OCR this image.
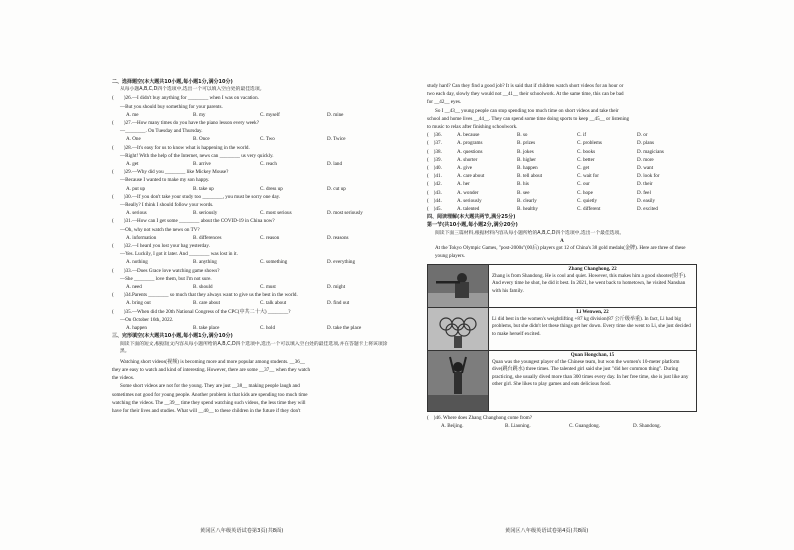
二、选择题空(本大题共10小题,每小题1分,满分10分)
从每小题A,B,C,D四个选项中,选出一个可以填入空白处的最佳选项。
(　　)26.—I didn't buy anything for ________ when I was on vacation.
—But you should buy something for your parents.
A. me	B. my	C. myself	D. mine
(　　)27.—How many times do you have the piano lesson every week?
—________. On Tuesday and Thursday.
A. One	B. Once	C. Two	D. Twice
(　　)28.—It's easy for us to know what is happening in the world.
—Right! With the help of the Internet, news can ________ us very quickly.
A. get	B. arrive	C. reach	D. land
(　　)29.—Why did you ________ like Mickey Mouse?
—Because I wanted to make my son happy.
A. put up	B. take up	C. dress up	D. cut up
(　　)30.—If you don't take your study too ________, you must be sorry one day.
—Really? I think I should follow your words.
A. serious	B. seriously	C. most serious	D. most seriously
(　　)31.—How can I get some ________ about the COVID-19 in China now?
—Oh, why not watch the news on TV?
A. information	B. differences	C. reason	D. reasons
(　　)32.—I heard you lost your bag yesterday.
—Yes. Luckily, I got it later. And ________ was lost in it.
A. nothing	B. anything	C. something	D. everything
(　　)33.—Does Grace love watching game shows?
—She ________ love them, but I'm not sure.
A. need	B. should	C. must	D. might
(　　)34.Parents ________ so much that they always want to give us the best in the world.
A. bring out	B. care about	C. talk about	D. find out
(　　)35.—When did the 20th National Congress of the CPC(中共二十大) ________?
—On October 16th, 2022.
A. happen	B. take place	C. hold	D. take the place
三、完形填空(本大题共10小题,每小题1分,满分10分)
阅读下面的短文,根据短文内容从每小题所给的A,B,C,D四个选项中,选出一个可以填入空白处的最佳选项,并在答题卡上将该项涂黑。
Watching short videos(视频) is becoming more and more popular among students. __36__
they are easy to watch and kind of interesting. However, there are some __37__ when they watch
the videos.
Some short videos are not for the young. They are just __38__ making people laugh and
sometimes not good for young people. Another problem is that kids are spending too much time
watching the videos. The __39__ time they spend watching such videos, the less time they will
have for their lives and studies. What will __40__ to these children in the future if they don't
study hard? Can they find a good job? It is said that if children watch short videos for an hour or
two each day, slowly they would not __41__ their schoolwork. At the same time, this can be bad
for __42__ eyes.
So I __43__ young people can stop spending too much time on short videos and take their
school and home lives __44__. They can spend some time doing sports to keep __45__ or listening
to music to relax after finishing schoolwork.
(　)36.	A. because	B. so	C. if	D. or
(　)37.	A. programs	B. prizes	C. problems	D. plans
(　)38.	A. questions	B. jokes	C. books	D. magicians
(　)39.	A. shorter	B. higher	C. better	D. more
(　)40.	A. give	B. happen	C. get	D. want
(　)41.	A. care about	B. tell about	C. wait for	D. look for
(　)42.	A. her	B. his	C. our	D. their
(　)43.	A. wonder	B. see	C. hope	D. feel
(　)44.	A. seriously	B. clearly	C. quietly	D. easily
(　)45.	A. talented	B. healthy	C. different	D. excited
四、阅读理解(本大题共两节,满分25分)
第一节(共10小题,每小题2分,满分20分)
阅读下面三篇材料,根据材料内容从每小题所给的A,B,C,D四个选项中,选出一个最佳选项。
A
At the Tokyo Olympic Games, "post-2000s"(00后) players got 12 of China's 38 gold medals(金牌). Here are three of these young players.
Zhang Changhong, 22
Zhang is from Shandong. He is cool and quiet. However, this makes him a good shooter(射手). And every time he shot, he did it best. In 2021, he went back to hometown, he visited Nanshan with his family.
Li Wenwen, 22
Li did best in the women's weightlifting +87 kg division(87 公斤级举重). In fact, Li had big problems, but she didn't let these things get her down. Every time she went to Li, she just decided to make herself excited.
Quan Hongchan, 15
Quan was the youngest player of the Chinese team, but won the women's 10-meter platform dive(跳台跳水) three times. The talented girl said she just "did her common thing". During practicing, she usually dived more than 300 times every day. In her free time, she is just like any other girl. She likes to play games and eats delicious food.
(　)46. Where does Zhang Changhong come from?
A. Beijing.	B. Liaoning.	C. Guangdong.	D. Shandong.
黄冈区八年级英语试卷第3页(共8面)	黄冈区八年级英语试卷第4页(共8面)
